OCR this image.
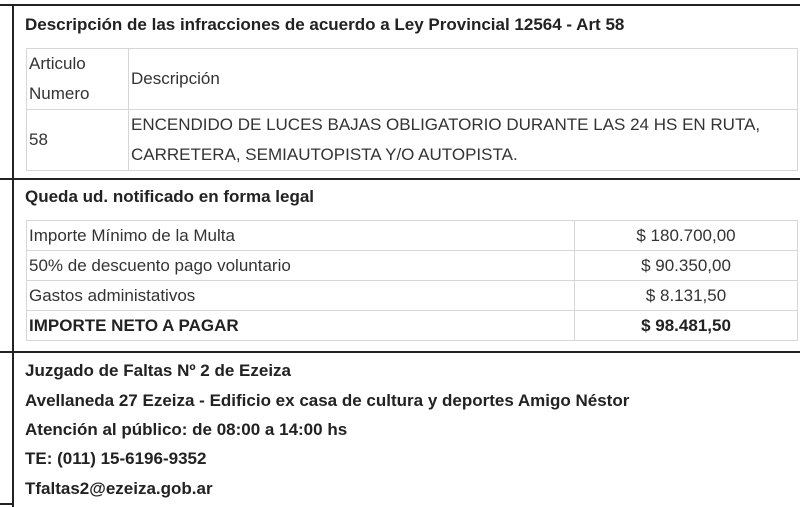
Descripción de las infracciones de acuerdo a Ley Provincial 12564 - Art 58
Articulo
Numero	Descripción
58	ENCENDIDO DE LUCES BAJAS OBLIGATORIO DURANTE LAS 24 HS EN RUTA, CARRETERA, SEMIAUTOPISTA Y/O AUTOPISTA.
Queda ud. notificado en forma legal
Importe Mínimo de la Multa	$ 180.700,00
50% de descuento pago voluntario	$ 90.350,00
Gastos administativos	$ 8.131,50
IMPORTE NETO A PAGAR	$ 98.481,50
Juzgado de Faltas Nº 2 de Ezeiza
Avellaneda 27 Ezeiza - Edificio ex casa de cultura y deportes Amigo Néstor
Atención al público: de 08:00 a 14:00 hs
TE: (011) 15-6196-9352
Tfaltas2@ezeiza.gob.ar
